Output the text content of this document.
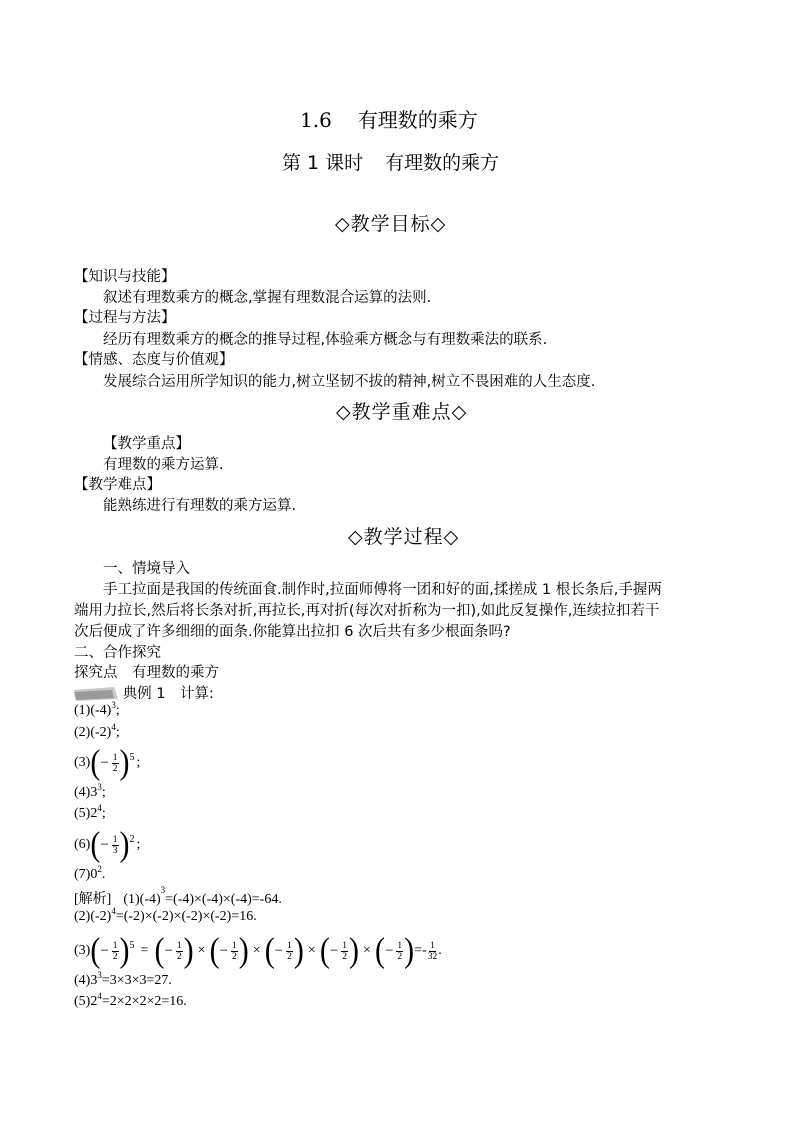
1.6 有理数的乘方
第 1 课时 有理数的乘方
◇教学目标◇
【知识与技能】
叙述有理数乘方的概念,掌握有理数混合运算的法则.
【过程与方法】
经历有理数乘方的概念的推导过程,体验乘方概念与有理数乘法的联系.
【情感、态度与价值观】
发展综合运用所学知识的能力,树立坚韧不拔的精神,树立不畏困难的人生态度.
◇教学重难点◇
【教学重点】
有理数的乘方运算.
【教学难点】
能熟练进行有理数的乘方运算.
◇教学过程◇
一、情境导入
手工拉面是我国的传统面食.制作时,拉面师傅将一团和好的面,揉搓成 1 根长条后,手握两
端用力拉长,然后将长条对折,再拉长,再对折(每次对折称为一扣),如此反复操作,连续拉扣若干
次后便成了许多细细的面条.你能算出拉扣 6 次后共有多少根面条吗?
二、合作探究
探究点　有理数的乘方
典例 1　计算:
$(1)(-4)^3$;
$(2)(-2)^4$;
(3) ( − $\frac{1}{2}$ ) 5 ;
$(4)3^3$;
$(5)2^4$;
(6) ( − $\frac{1}{3}$ ) 2 ;
$(7)0^2$.
[解析] $(1)(-4)^3=(-4)\times(-4)\times(-4)=-64$.
$(2)(-2)^4=(-2)\times(-2)\times(-2)\times(-2)=16$.
(3) ( − $\frac{1}{2}$ ) 5 = ( − $\frac{1}{2}$ ) × ( − $\frac{1}{2}$ ) × ( − $\frac{1}{2}$ ) × ( − $\frac{1}{2}$ ) × ( − $\frac{1}{2}$ ) =- $\frac{1}{32}$ .
$(4)3^3=3\times 3\times 3=27$.
$(5)2^4=2\times 2\times 2\times 2=16$.
